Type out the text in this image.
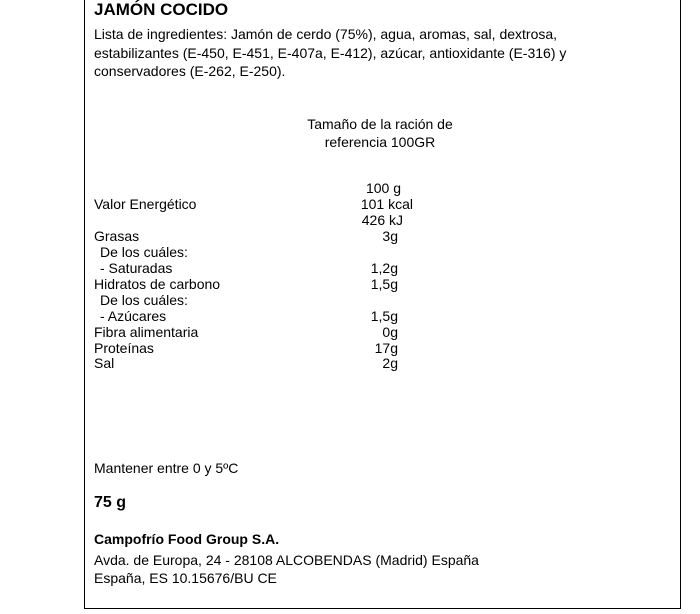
JAMÓN COCIDO
Lista de ingredientes: Jamón de cerdo (75%), agua, aromas, sal, dextrosa, estabilizantes (E-450, E-451, E-407a, E-412), azúcar, antioxidante (E-316) y conservadores (E-262, E-250).
Tamaño de la ración de
referencia 100GR
100 g
Valor Energético	101 kcal
426 kJ
Grasas	3g
De los cuáles:
- Saturadas	1,2g
Hidratos de carbono	1,5g
De los cuáles:
- Azúcares	1,5g
Fibra alimentaria	0g
Proteínas	17g
Sal	2g
Mantener entre 0 y 5ºC
75 g
Campofrío Food Group S.A.
Avda. de Europa, 24 - 28108 ALCOBENDAS (Madrid) España
España, ES 10.15676/BU CE
